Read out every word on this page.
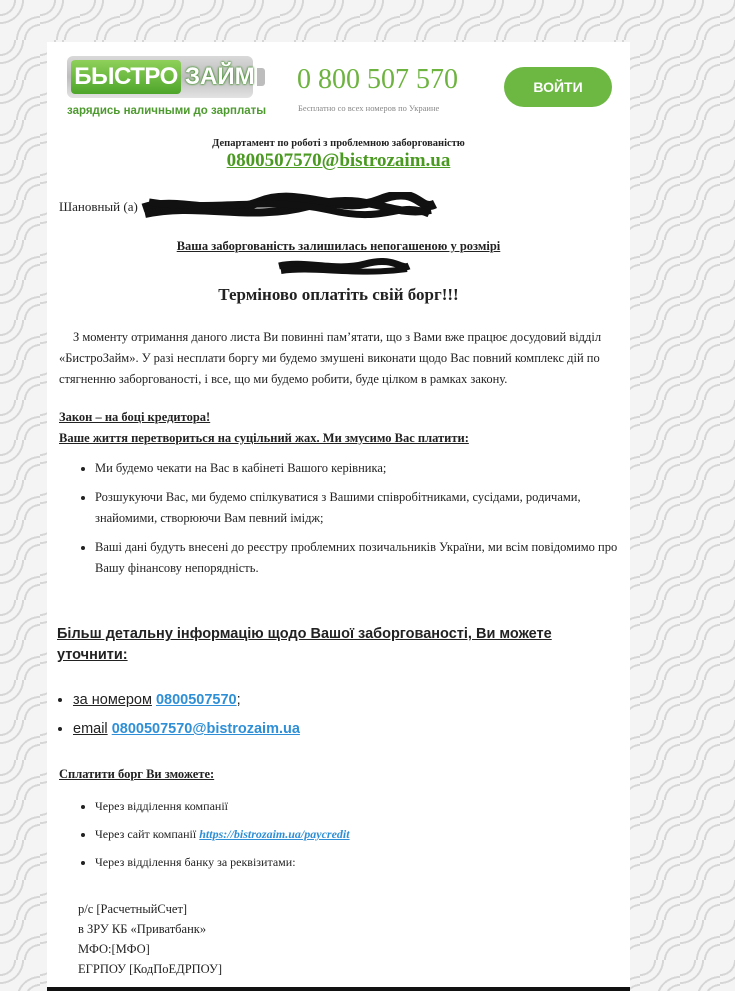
БЫСТРО ЗАЙМ
зарядись наличными до зарплаты
0 800 507 570
Бесплатно со всех номеров по Украине
ВОЙТИ
Департамент по роботі з проблемною заборгованістю
0800507570@bistrozaim.ua
Шановный (а)
Ваша заборгованість залишилась непогашеною у розмірі
Терміново оплатіть свій борг!!!
З моменту отримання даного листа Ви повинні пам’ятати, що з Вами вже працює досудовий відділ «БистроЗайм». У разі несплати боргу ми будемо змушені виконати щодо Вас повний комплекс дій по стягненню заборгованості, і все, що ми будемо робити, буде цілком в рамках закону.
Закон – на боці кредитора!
Ваше життя перетвориться на суцільний жах. Ми змусимо Вас платити:
• Ми будемо чекати на Вас в кабінеті Вашого керівника;
• Розшукуючи Вас, ми будемо спілкуватися з Вашими співробітниками, сусідами, родичами, знайомими, створюючи Вам певний імідж;
• Ваші дані будуть внесені до реєстру проблемних позичальників України, ми всім повідомимо про Вашу фінансову непорядність.
Більш детальну інформацію щодо Вашої заборгованості, Ви можете уточнити:
• за номером 0800507570;
• email 0800507570@bistrozaim.ua
Сплатити борг Ви зможете:
• Через відділення компанії
• Через сайт компанії https://bistrozaim.ua/paycredit
• Через відділення банку за реквізитами:
р/с [РасчетныйСчет]
в ЗРУ КБ «Приватбанк»
МФО:[МФО]
ЕГРПОУ [КодПоЕДРПОУ]
